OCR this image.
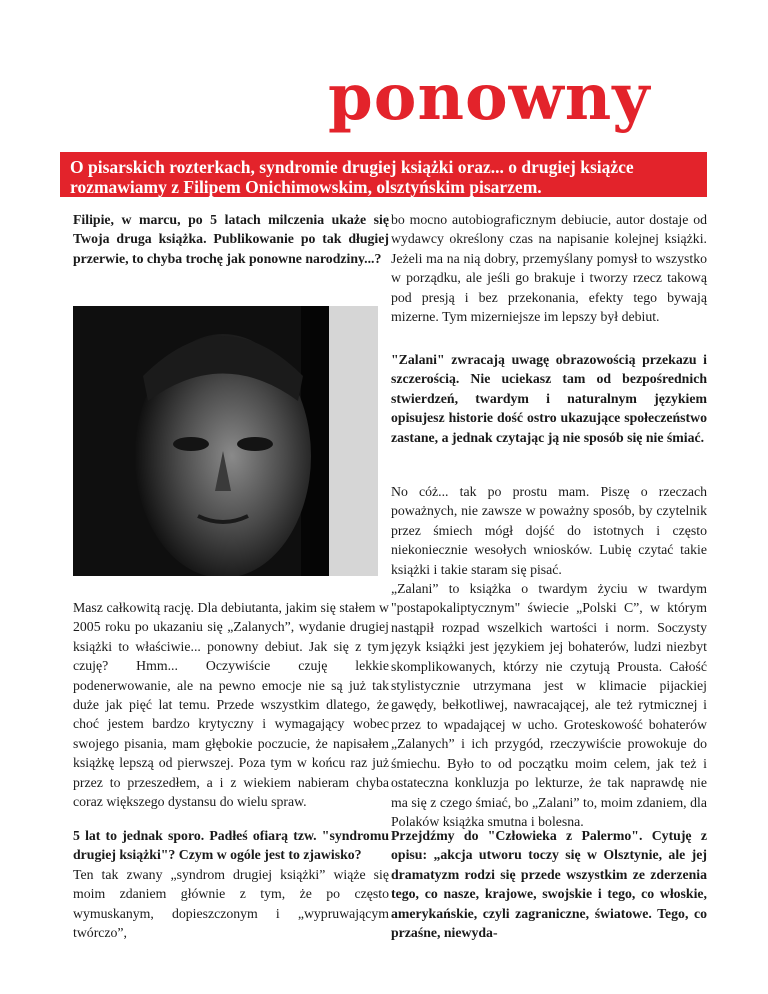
ponowny
O pisarskich rozterkach, syndromie drugiej książki oraz... o drugiej książce rozmawiamy z Filipem Onichimowskim, olsztyńskim pisarzem.

Filipie, w marcu, po 5 latach milczenia ukaże się Twoja druga książka. Publikowanie po tak długiej przerwie, to chyba trochę jak ponowne narodziny...?

Masz całkowitą rację. Dla debiutanta, jakim się stałem w 2005 roku po ukazaniu się „Zalanych”, wydanie drugiej książki to właściwie... ponowny debiut. Jak się z tym czuję? Hmm... Oczywiście czuję lekkie podenerwowanie, ale na pewno emocje nie są już tak duże jak pięć lat temu. Przede wszystkim dlatego, że choć jestem bardzo krytyczny i wymagający wobec swojego pisania, mam głębokie poczucie, że napisałem książkę lepszą od pierwszej. Poza tym w końcu raz już przez to przeszedłem, a i z wiekiem nabieram chyba coraz większego dystansu do wielu spraw.

5 lat to jednak sporo. Padłeś ofiarą tzw. "syndromu drugiej książki"? Czym w ogóle jest to zjawisko?

Ten tak zwany „syndrom drugiej książki” wiąże się moim zdaniem głównie z tym, że po często wymuskanym, dopieszczonym i „wypruwającym twórczo”,

bo mocno autobiograficznym debiucie, autor dostaje od wydawcy określony czas na napisanie kolejnej książki. Jeżeli ma na nią dobry, przemyślany pomysł to wszystko w porządku, ale jeśli go brakuje i tworzy rzecz takową pod presją i bez przekonania, efekty tego bywają mizerne. Tym mizerniejsze im lepszy był debiut.

"Zalani" zwracają uwagę obrazowością przekazu i szczerością. Nie uciekasz tam od bezpośrednich stwierdzeń, twardym i naturalnym językiem opisujesz historie dość ostro ukazujące społeczeństwo zastane, a jednak czytając ją nie sposób się nie śmiać.

No cóż... tak po prostu mam. Piszę o rzeczach poważnych, nie zawsze w poważny sposób, by czytelnik przez śmiech mógł dojść do istotnych i często niekoniecznie wesołych wniosków. Lubię czytać takie książki i takie staram się pisać.

„Zalani” to książka o twardym życiu w twardym "postapokaliptycznym" świecie „Polski C”, w którym nastąpił rozpad wszelkich wartości i norm. Soczysty język książki jest językiem jej bohaterów, ludzi niezbyt skomplikowanych, którzy nie czytują Prousta. Całość stylistycznie utrzymana jest w klimacie pijackiej gawędy, bełkotliwej, nawracającej, ale też rytmicznej i przez to wpadającej w ucho. Groteskowość bohaterów „Zalanych” i ich przygód, rzeczywiście prowokuje do śmiechu. Było to od początku moim celem, jak też i ostateczna konkluzja po lekturze, że tak naprawdę nie ma się z czego śmiać, bo „Zalani” to, moim zdaniem, dla Polaków książka smutna i bolesna.

Przejdźmy do "Człowieka z Palermo". Cytuję z opisu: „akcja utworu toczy się w Olsztynie, ale jej dramatyzm rodzi się przede wszystkim ze zderzenia tego, co nasze, krajowe, swojskie i tego, co włoskie, amerykańskie, czyli zagraniczne, światowe. Tego, co przaśne, niewyda-
